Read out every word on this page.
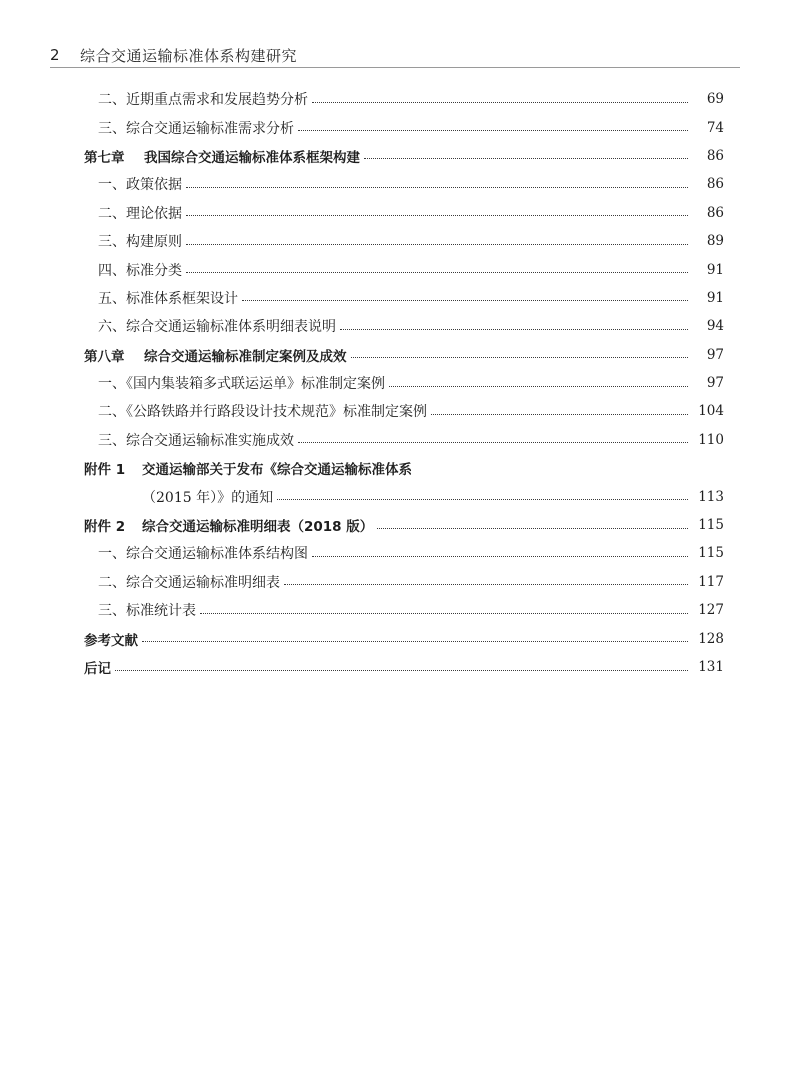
2	综合交通运输标准体系构建研究
二、近期重点需求和发展趋势分析	69
三、综合交通运输标准需求分析	74
第七章 我国综合交通运输标准体系框架构建	86
一、政策依据	86
二、理论依据	86
三、构建原则	89
四、标准分类	91
五、标准体系框架设计	91
六、综合交通运输标准体系明细表说明	94
第八章 综合交通运输标准制定案例及成效	97
一、《国内集装箱多式联运运单》标准制定案例	97
二、《公路铁路并行路段设计技术规范》标准制定案例	104
三、综合交通运输标准实施成效	110
附件 1 交通运输部关于发布《综合交通运输标准体系
（2015 年）》的通知	113
附件 2 综合交通运输标准明细表（2018 版）	115
一、综合交通运输标准体系结构图	115
二、综合交通运输标准明细表	117
三、标准统计表	127
参考文献	128
后记	131
